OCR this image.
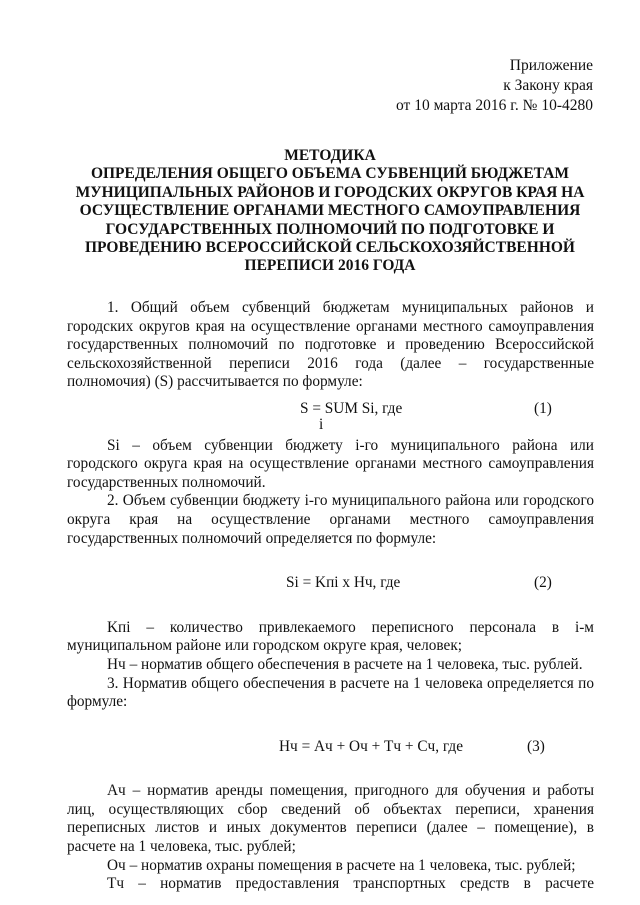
Приложение
к Закону края
от 10 марта 2016 г. № 10-4280
МЕТОДИКА
ОПРЕДЕЛЕНИЯ ОБЩЕГО ОБЪЕМА СУБВЕНЦИЙ БЮДЖЕТАМ
МУНИЦИПАЛЬНЫХ РАЙОНОВ И ГОРОДСКИХ ОКРУГОВ КРАЯ НА
ОСУЩЕСТВЛЕНИЕ ОРГАНАМИ МЕСТНОГО САМОУПРАВЛЕНИЯ
ГОСУДАРСТВЕННЫХ ПОЛНОМОЧИЙ ПО ПОДГОТОВКЕ И
ПРОВЕДЕНИЮ ВСЕРОССИЙСКОЙ СЕЛЬСКОХОЗЯЙСТВЕННОЙ
ПЕРЕПИСИ 2016 ГОДА

1. Общий объем субвенций бюджетам муниципальных районов и городских округов края на осуществление органами местного самоуправления государственных полномочий по подготовке и проведению Всероссийской сельскохозяйственной переписи 2016 года (далее – государственные полномочия) (S) рассчитывается по формуле:

S = SUM Si, где	(1)
i

Si – объем субвенции бюджету i-го муниципального района или городского округа края на осуществление органами местного самоуправления государственных полномочий.

2. Объем субвенции бюджету i-го муниципального района или городского округа края на осуществление органами местного самоуправления государственных полномочий определяется по формуле:

Si = Kпi x Hч, где	(2)

Kпi – количество привлекаемого переписного персонала в i-м муниципальном районе или городском округе края, человек;

Hч – норматив общего обеспечения в расчете на 1 человека, тыс. рублей.

3. Норматив общего обеспечения в расчете на 1 человека определяется по формуле:

Hч = Aч + Oч + Tч + Cч, где	(3)

Aч – норматив аренды помещения, пригодного для обучения и работы лиц, осуществляющих сбор сведений об объектах переписи, хранения переписных листов и иных документов переписи (далее – помещение), в расчете на 1 человека, тыс. рублей;

Oч – норматив охраны помещения в расчете на 1 человека, тыс. рублей;

Tч – норматив предоставления транспортных средств в расчете
